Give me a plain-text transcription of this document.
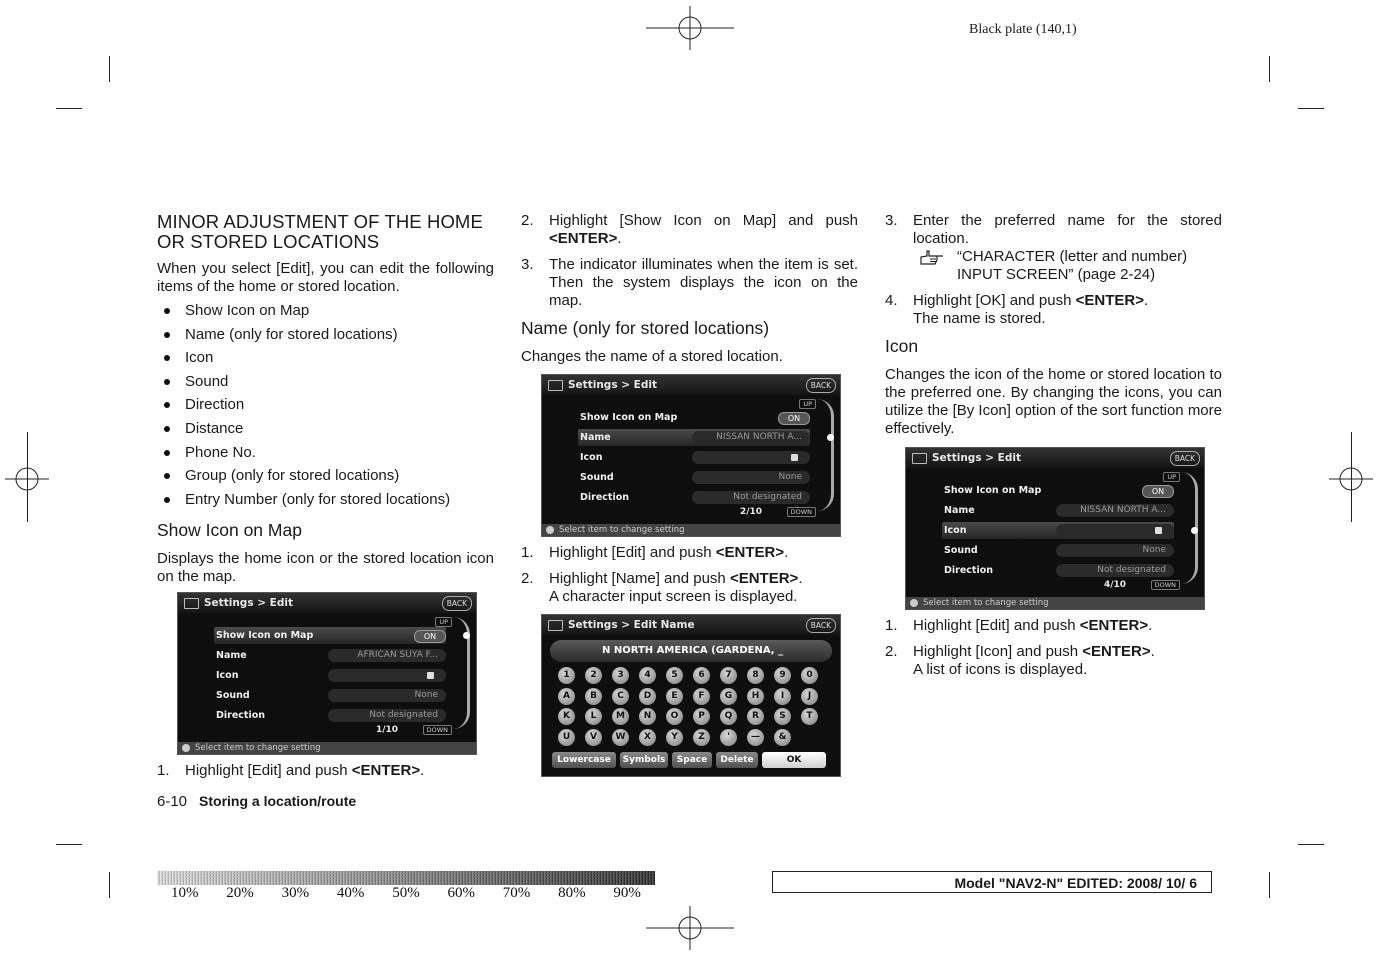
Black plate (140,1)
MINOR ADJUSTMENT OF THE HOME OR STORED LOCATIONS

When you select [Edit], you can edit the following items of the home or stored location.

Show Icon on Map
Name (only for stored locations)
Icon
Sound
Direction
Distance
Phone No.
Group (only for stored locations)
Entry Number (only for stored locations)
Show Icon on Map

Displays the home icon or the stored location icon on the map.

Settings > Edit	BACK
UP
Show Icon on Map	ON
Name	AFRICAN SUYA F...
Icon
Sound	None
Direction	Not designated
1/10	DOWN
Select item to change setting
1. Highlight [Edit] and push <ENTER>.
2. Highlight [Show Icon on Map] and push <ENTER>.
3. The indicator illuminates when the item is set. Then the system displays the icon on the map.
Name (only for stored locations)

Changes the name of a stored location.

Settings > Edit	BACK
UP
Show Icon on Map	ON
Name	NISSAN NORTH A...
Icon
Sound	None
Direction	Not designated
2/10	DOWN
Select item to change setting
1. Highlight [Edit] and push <ENTER>.
2. Highlight [Name] and push <ENTER>.
A character input screen is displayed.
Settings > Edit Name	BACK
N NORTH AMERICA (GARDENA, _
1	2	3	4	5	6	7	8	9	0
A	B	C	D	E	F	G	H	I	J
K	L	M	N	O	P	Q	R	S	T
U	V	W	X	Y	Z	'	—	&
Lowercase	Symbols	Space	Delete	OK
3. Enter the preferred name for the stored location.
“CHARACTER (letter and number) INPUT SCREEN” (page 2-24)
4. Highlight [OK] and push <ENTER>.
The name is stored.
Icon

Changes the icon of the home or stored location to the preferred one. By changing the icons, you can utilize the [By Icon] option of the sort function more effectively.

Settings > Edit	BACK
UP
Show Icon on Map	ON
Name	NISSAN NORTH A...
Icon
Sound	None
Direction	Not designated
4/10	DOWN
Select item to change setting
1. Highlight [Edit] and push <ENTER>.
2. Highlight [Icon] and push <ENTER>.
A list of icons is displayed.
6-10 Storing a location/route
10% 20% 30% 40% 50% 60% 70% 80% 90%
Model "NAV2-N" EDITED: 2008/ 10/ 6
